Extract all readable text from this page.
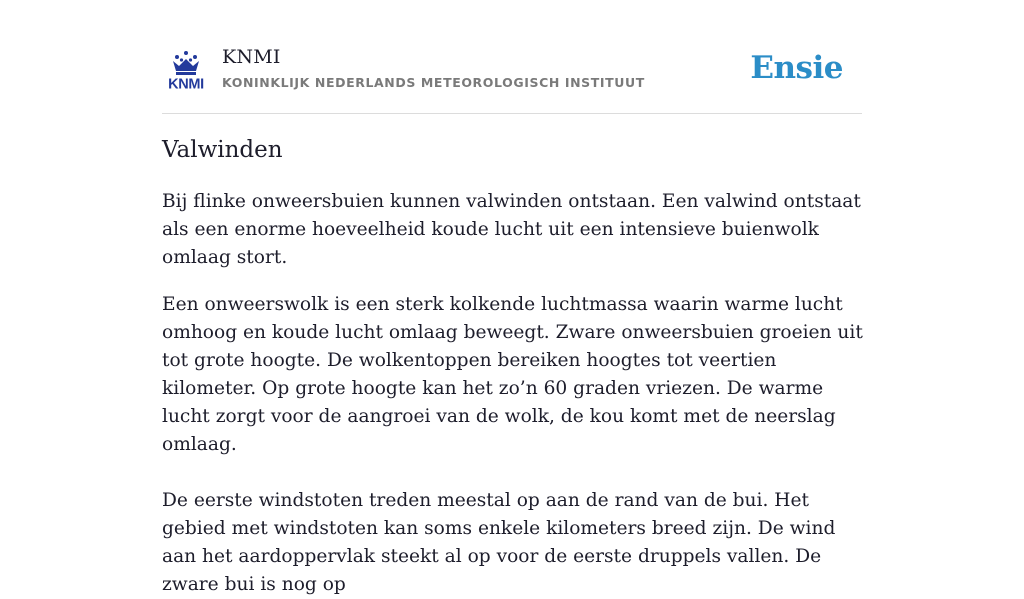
KNMI
KNMI
KONINKLIJK NEDERLANDS METEOROLOGISCH INSTITUUT	Ensie
Valwinden

Bij flinke onweersbuien kunnen valwinden ontstaan. Een valwind ontstaat als een enorme hoeveelheid koude lucht uit een intensieve buienwolk omlaag stort.

Een onweerswolk is een sterk kolkende luchtmassa waarin warme lucht omhoog en koude lucht omlaag beweegt. Zware onweersbuien groeien uit tot grote hoogte. De wolkentoppen bereiken hoogtes tot veertien kilometer. Op grote hoogte kan het zo’n 60 graden vriezen. De warme lucht zorgt voor de aangroei van de wolk, de kou komt met de neerslag omlaag.

De eerste windstoten treden meestal op aan de rand van de bui. Het gebied met windstoten kan soms enkele kilometers breed zijn. De wind aan het aardoppervlak steekt al op voor de eerste druppels vallen. De zware bui is nog op
